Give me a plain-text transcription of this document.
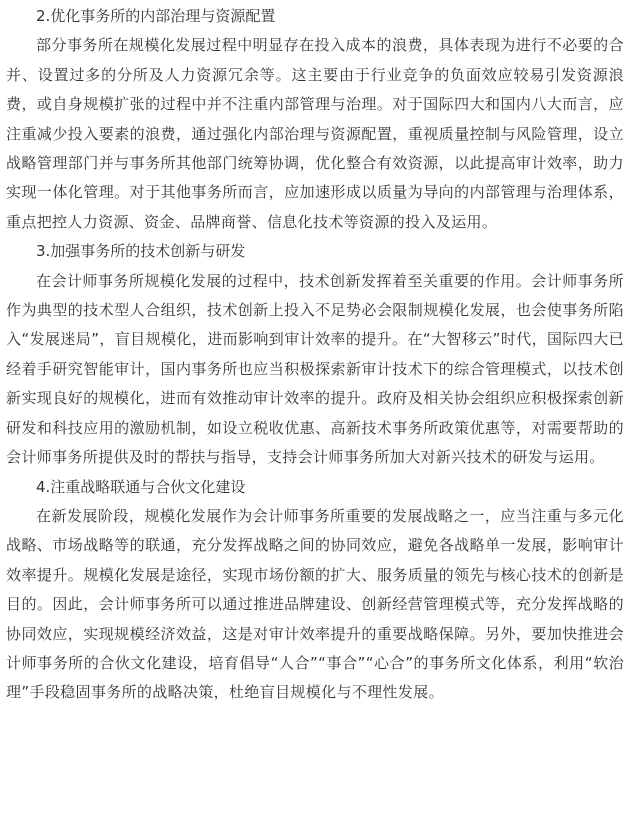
2.优化事务所的内部治理与资源配置

部分事务所在规模化发展过程中明显存在投入成本的浪费，具体表现为进行不必要的合并、设置过多的分所及人力资源冗余等。这主要由于行业竞争的负面效应较易引发资源浪费，或自身规模扩张的过程中并不注重内部管理与治理。对于国际四大和国内八大而言，应注重减少投入要素的浪费，通过强化内部治理与资源配置，重视质量控制与风险管理，设立战略管理部门并与事务所其他部门统筹协调，优化整合有效资源，以此提高审计效率，助力实现一体化管理。对于其他事务所而言，应加速形成以质量为导向的内部管理与治理体系，重点把控人力资源、资金、品牌商誉、信息化技术等资源的投入及运用。

3.加强事务所的技术创新与研发

在会计师事务所规模化发展的过程中，技术创新发挥着至关重要的作用。会计师事务所作为典型的技术型人合组织，技术创新上投入不足势必会限制规模化发展，也会使事务所陷入“发展迷局”，盲目规模化，进而影响到审计效率的提升。在“大智移云”时代，国际四大已经着手研究智能审计，国内事务所也应当积极探索新审计技术下的综合管理模式，以技术创新实现良好的规模化，进而有效推动审计效率的提升。政府及相关协会组织应积极探索创新研发和科技应用的激励机制，如设立税收优惠、高新技术事务所政策优惠等，对需要帮助的会计师事务所提供及时的帮扶与指导，支持会计师事务所加大对新兴技术的研发与运用。

4.注重战略联通与合伙文化建设

在新发展阶段，规模化发展作为会计师事务所重要的发展战略之一，应当注重与多元化战略、市场战略等的联通，充分发挥战略之间的协同效应，避免各战略单一发展，影响审计效率提升。规模化发展是途径，实现市场份额的扩大、服务质量的领先与核心技术的创新是目的。因此，会计师事务所可以通过推进品牌建设、创新经营管理模式等，充分发挥战略的协同效应，实现规模经济效益，这是对审计效率提升的重要战略保障。另外，要加快推进会计师事务所的合伙文化建设，培育倡导“人合”“事合”“心合”的事务所文化体系，利用“软治理”手段稳固事务所的战略决策，杜绝盲目规模化与不理性发展。
